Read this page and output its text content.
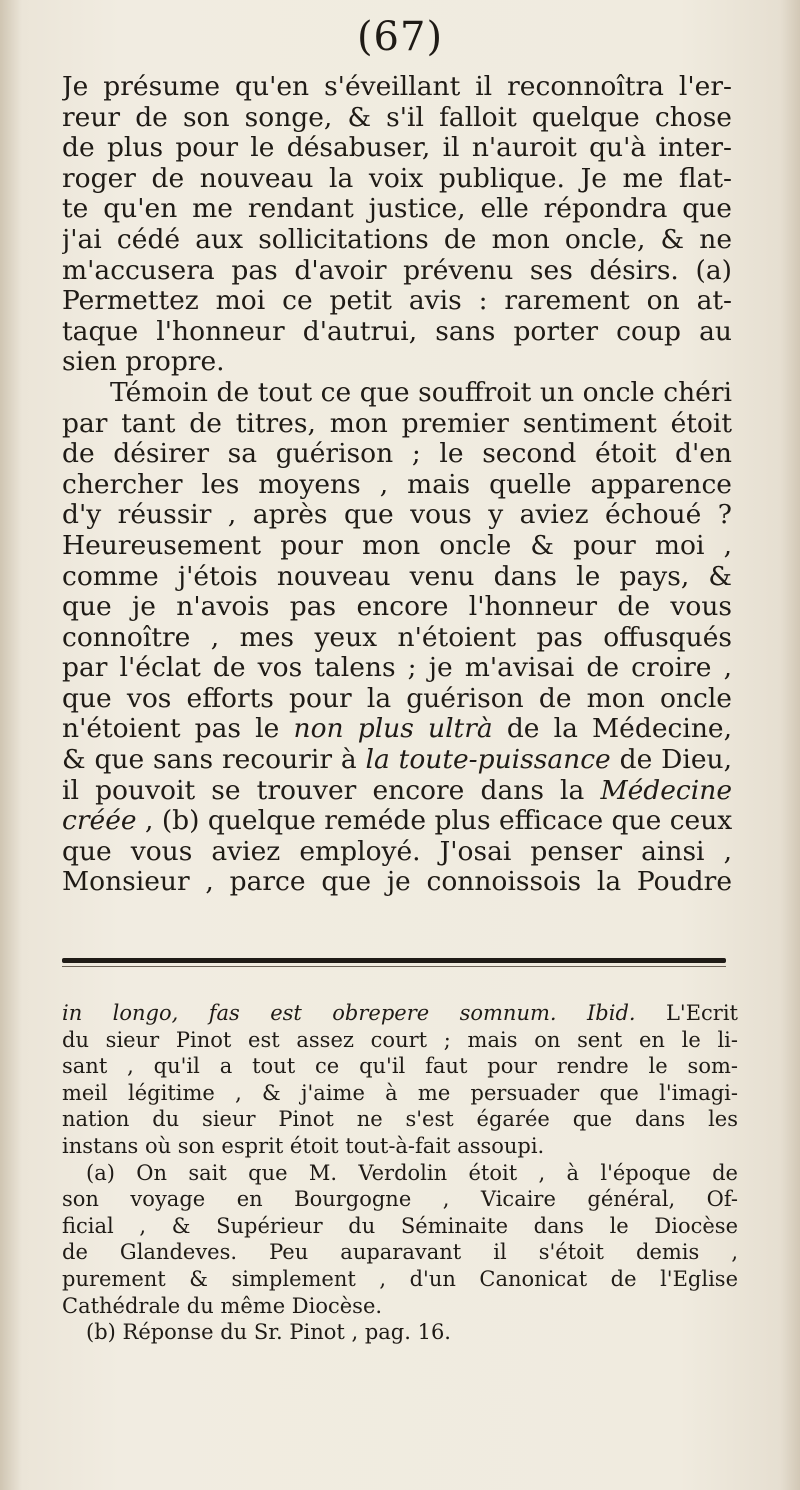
(67)
Je présume qu'en s'éveillant il reconnoîtra l'er-
reur de son songe, & s'il falloit quelque chose
de plus pour le désabuser, il n'auroit qu'à inter-
roger de nouveau la voix publique. Je me flat-
te qu'en me rendant justice, elle répondra que
j'ai cédé aux sollicitations de mon oncle, & ne
m'accusera pas d'avoir prévenu ses désirs. (a)
Permettez moi ce petit avis : rarement on at-
taque l'honneur d'autrui, sans porter coup au
sien propre.
Témoin de tout ce que souffroit un oncle chéri
par tant de titres, mon premier sentiment étoit
de désirer sa guérison ; le second étoit d'en
chercher les moyens , mais quelle apparence
d'y réussir , après que vous y aviez échoué ?
Heureusement pour mon oncle & pour moi ,
comme j'étois nouveau venu dans le pays, &
que je n'avois pas encore l'honneur de vous
connoître , mes yeux n'étoient pas offusqués
par l'éclat de vos talens ; je m'avisai de croire ,
que vos efforts pour la guérison de mon oncle
n'étoient pas le non plus ultrà de la Médecine,
& que sans recourir à la toute-puissance de Dieu,
il pouvoit se trouver encore dans la Médecine
créée , (b) quelque reméde plus efficace que ceux
que vous aviez employé. J'osai penser ainsi ,
Monsieur , parce que je connoissois la Poudre
in longo, fas est obrepere somnum. Ibid. L'Ecrit
du sieur Pinot est assez court ; mais on sent en le li-
sant , qu'il a tout ce qu'il faut pour rendre le som-
meil légitime , & j'aime à me persuader que l'imagi-
nation du sieur Pinot ne s'est égarée que dans les
instans où son esprit étoit tout-à-fait assoupi.
(a) On sait que M. Verdolin étoit , à l'époque de
son voyage en Bourgogne , Vicaire général, Of-
ficial , & Supérieur du Séminaite dans le Diocèse
de Glandeves. Peu auparavant il s'étoit demis ,
purement & simplement , d'un Canonicat de l'Eglise
Cathédrale du même Diocèse.
(b) Réponse du Sr. Pinot , pag. 16.
